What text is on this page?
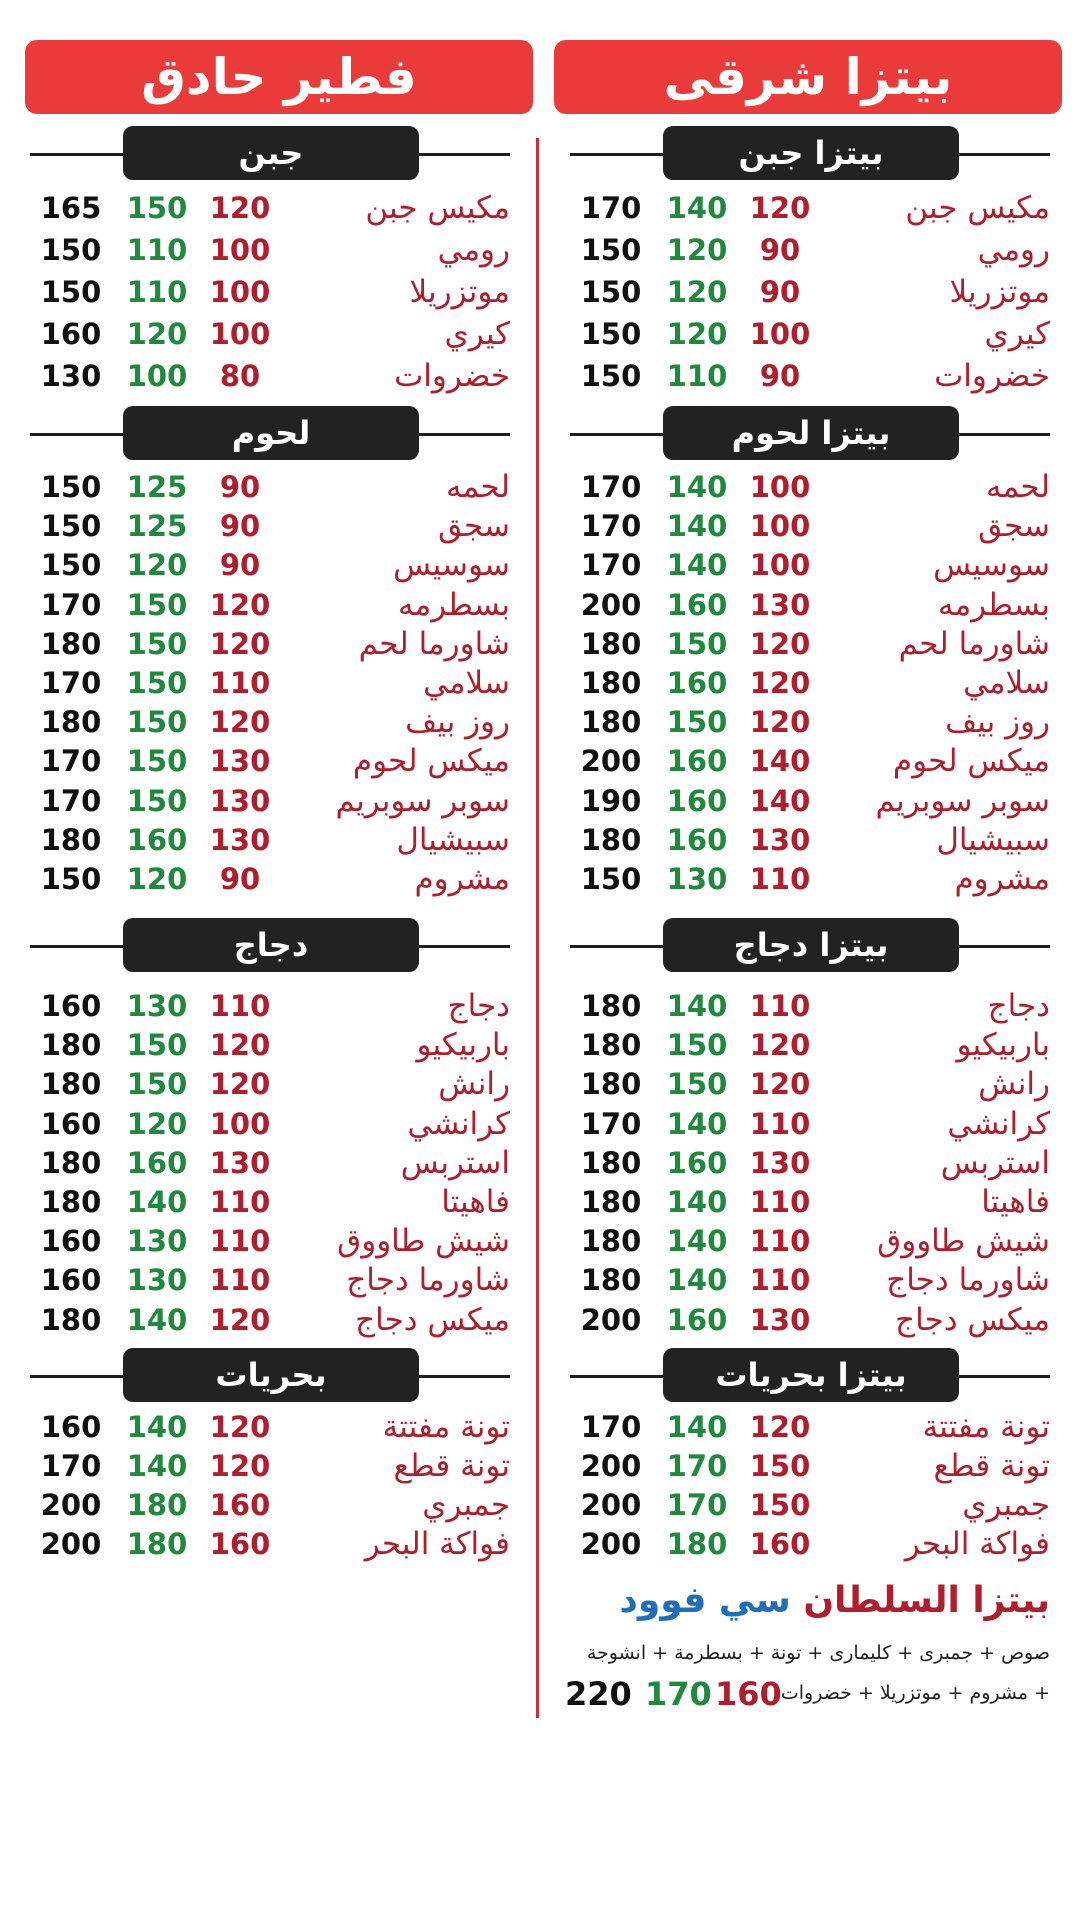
بيتزا شرقى
فطير حادق
بيتزا جبن
مكيس جبن
120
140
170
رومي
90
120
150
موتزريلا
90
120
150
كيري
100
120
150
خضروات
90
110
150
بيتزا لحوم
لحمه
100
140
170
سجق
100
140
170
سوسيس
100
140
170
بسطرمه
130
160
200
شاورما لحم
120
150
180
سلامي
120
160
180
روز بيف
120
150
180
ميكس لحوم
140
160
200
سوبر سوبريم
140
160
190
سبيشيال
130
160
180
مشروم
110
130
150
بيتزا دجاج
دجاج
110
140
180
باربيكيو
120
150
180
رانش
120
150
180
كرانشي
110
140
170
استربس
130
160
180
فاهيتا
110
140
180
شيش طاووق
110
140
180
شاورما دجاج
110
140
180
ميكس دجاج
130
160
200
بيتزا بحريات
تونة مفتتة
120
140
170
تونة قطع
150
170
200
جمبري
150
170
200
فواكة البحر
160
180
200
جبن
مكيس جبن
120
150
165
رومي
100
110
150
موتزريلا
100
110
150
كيري
100
120
160
خضروات
80
100
130
لحوم
لحمه
90
125
150
سجق
90
125
150
سوسيس
90
120
150
بسطرمه
120
150
170
شاورما لحم
120
150
180
سلامي
110
150
170
روز بيف
120
150
180
ميكس لحوم
130
150
170
سوبر سوبريم
130
150
170
سبيشيال
130
160
180
مشروم
90
120
150
دجاج
دجاج
110
130
160
باربيكيو
120
150
180
رانش
120
150
180
كرانشي
100
120
160
استربس
130
160
180
فاهيتا
110
140
180
شيش طاووق
110
130
160
شاورما دجاج
110
130
160
ميكس دجاج
120
140
180
بحريات
تونة مفتتة
120
140
160
تونة قطع
120
140
170
جمبري
160
180
200
فواكة البحر
160
180
200
بيتزا السلطان سي فوود
صوص + جمبرى + كليمارى + تونة + بسطرمة + انشوجة
+ مشروم + موتزريلا + خضروات
220 170 160
